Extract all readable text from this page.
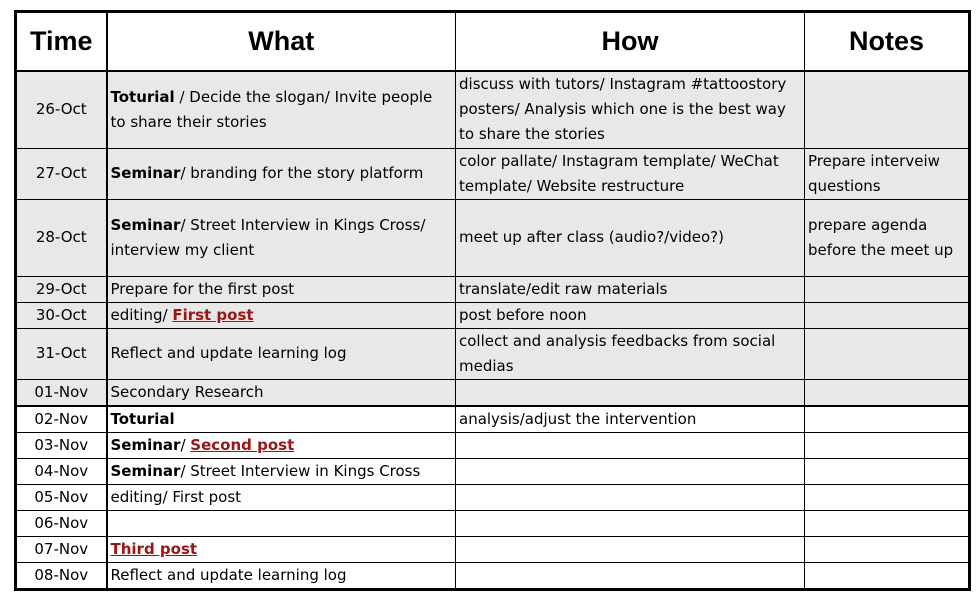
Time	What	How	Notes
26-Oct	Toturial / Decide the slogan/ Invite people to share their stories	discuss with tutors/ Instagram #tattoostory posters/ Analysis which one is the best way to share the stories	
27-Oct	Seminar/ branding for the story platform	color pallate/ Instagram template/ WeChat template/ Website restructure	Prepare interveiw questions
28-Oct	Seminar/ Street Interview in Kings Cross/ interview my client	meet up after class (audio?/video?)	prepare agenda before the meet up
29-Oct	Prepare for the first post	translate/edit raw materials	
30-Oct	editing/ First post	post before noon	
31-Oct	Reflect and update learning log	collect and analysis feedbacks from social medias	
01-Nov	Secondary Research		
02-Nov	Toturial	analysis/adjust the intervention	
03-Nov	Seminar/ Second post		
04-Nov	Seminar/ Street Interview in Kings Cross		
05-Nov	editing/ First post		
06-Nov			
07-Nov	Third post		
08-Nov	Reflect and update learning log		
